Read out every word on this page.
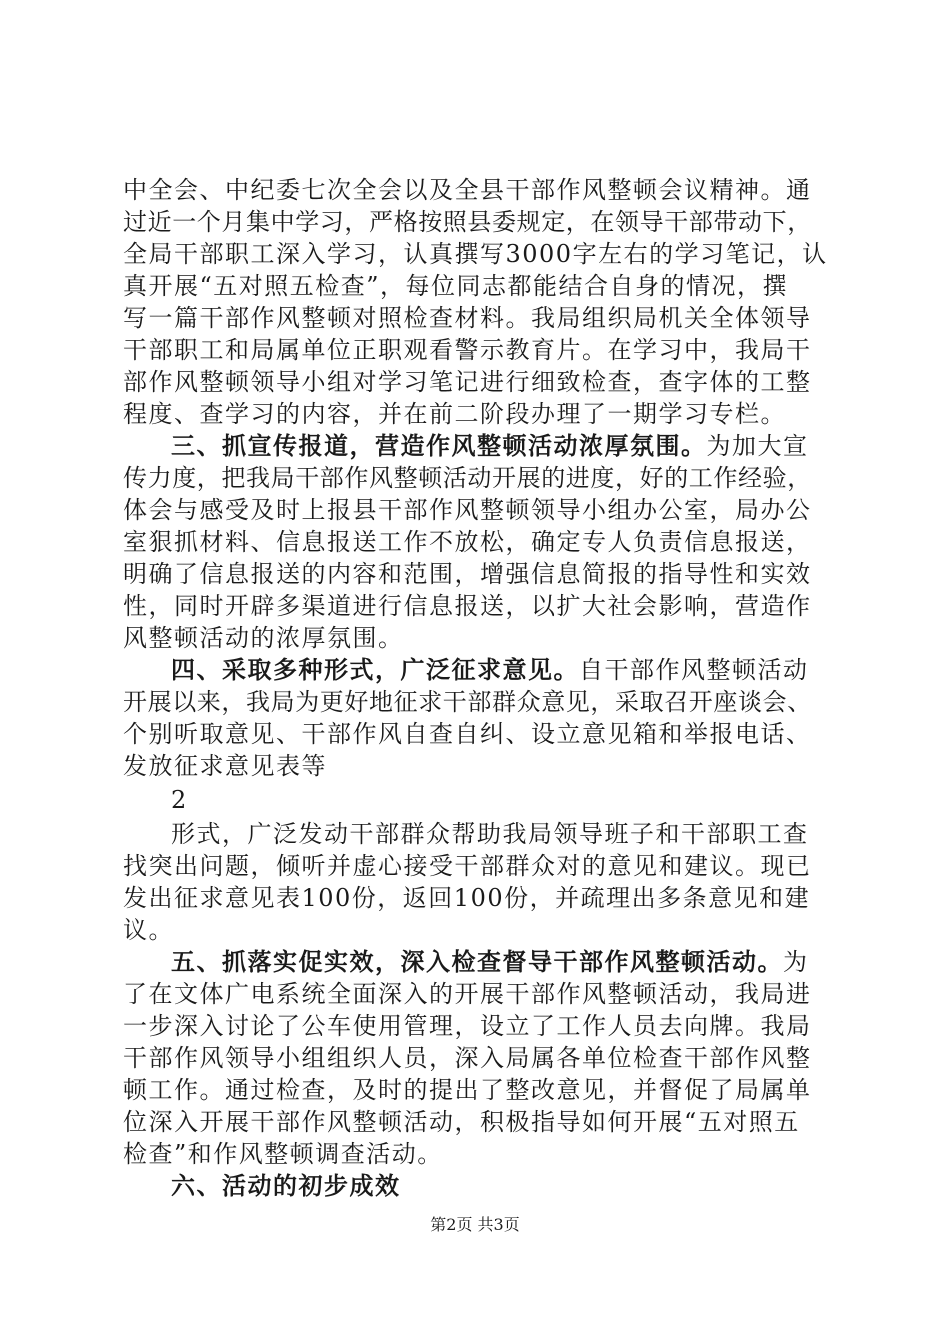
中全会、中纪委七次全会以及全县干部作风整顿会议精神。通
过近一个月集中学习，严格按照县委规定，在领导干部带动下，
全局干部职工深入学习，认真撰写3000字左右的学习笔记，认
真开展“五对照五检查”，每位同志都能结合自身的情况，撰
写一篇干部作风整顿对照检查材料。我局组织局机关全体领导
干部职工和局属单位正职观看警示教育片。在学习中，我局干
部作风整顿领导小组对学习笔记进行细致检查，查字体的工整
程度、查学习的内容，并在前二阶段办理了一期学习专栏。
三、抓宣传报道，营造作风整顿活动浓厚氛围。为加大宣
传力度，把我局干部作风整顿活动开展的进度，好的工作经验，
体会与感受及时上报县干部作风整顿领导小组办公室，局办公
室狠抓材料、信息报送工作不放松，确定专人负责信息报送，
明确了信息报送的内容和范围，增强信息简报的指导性和实效
性，同时开辟多渠道进行信息报送，以扩大社会影响，营造作
风整顿活动的浓厚氛围。
四、采取多种形式，广泛征求意见。自干部作风整顿活动
开展以来，我局为更好地征求干部群众意见，采取召开座谈会、
个别听取意见、干部作风自查自纠、设立意见箱和举报电话、
发放征求意见表等
2
形式，广泛发动干部群众帮助我局领导班子和干部职工查
找突出问题，倾听并虚心接受干部群众对的意见和建议。现已
发出征求意见表100份，返回100份，并疏理出多条意见和建
议。
五、抓落实促实效，深入检查督导干部作风整顿活动。为
了在文体广电系统全面深入的开展干部作风整顿活动，我局进
一步深入讨论了公车使用管理，设立了工作人员去向牌。我局
干部作风领导小组组织人员，深入局属各单位检查干部作风整
顿工作。通过检查，及时的提出了整改意见，并督促了局属单
位深入开展干部作风整顿活动，积极指导如何开展“五对照五
检查”和作风整顿调查活动。
六、活动的初步成效
第2页 共3页
